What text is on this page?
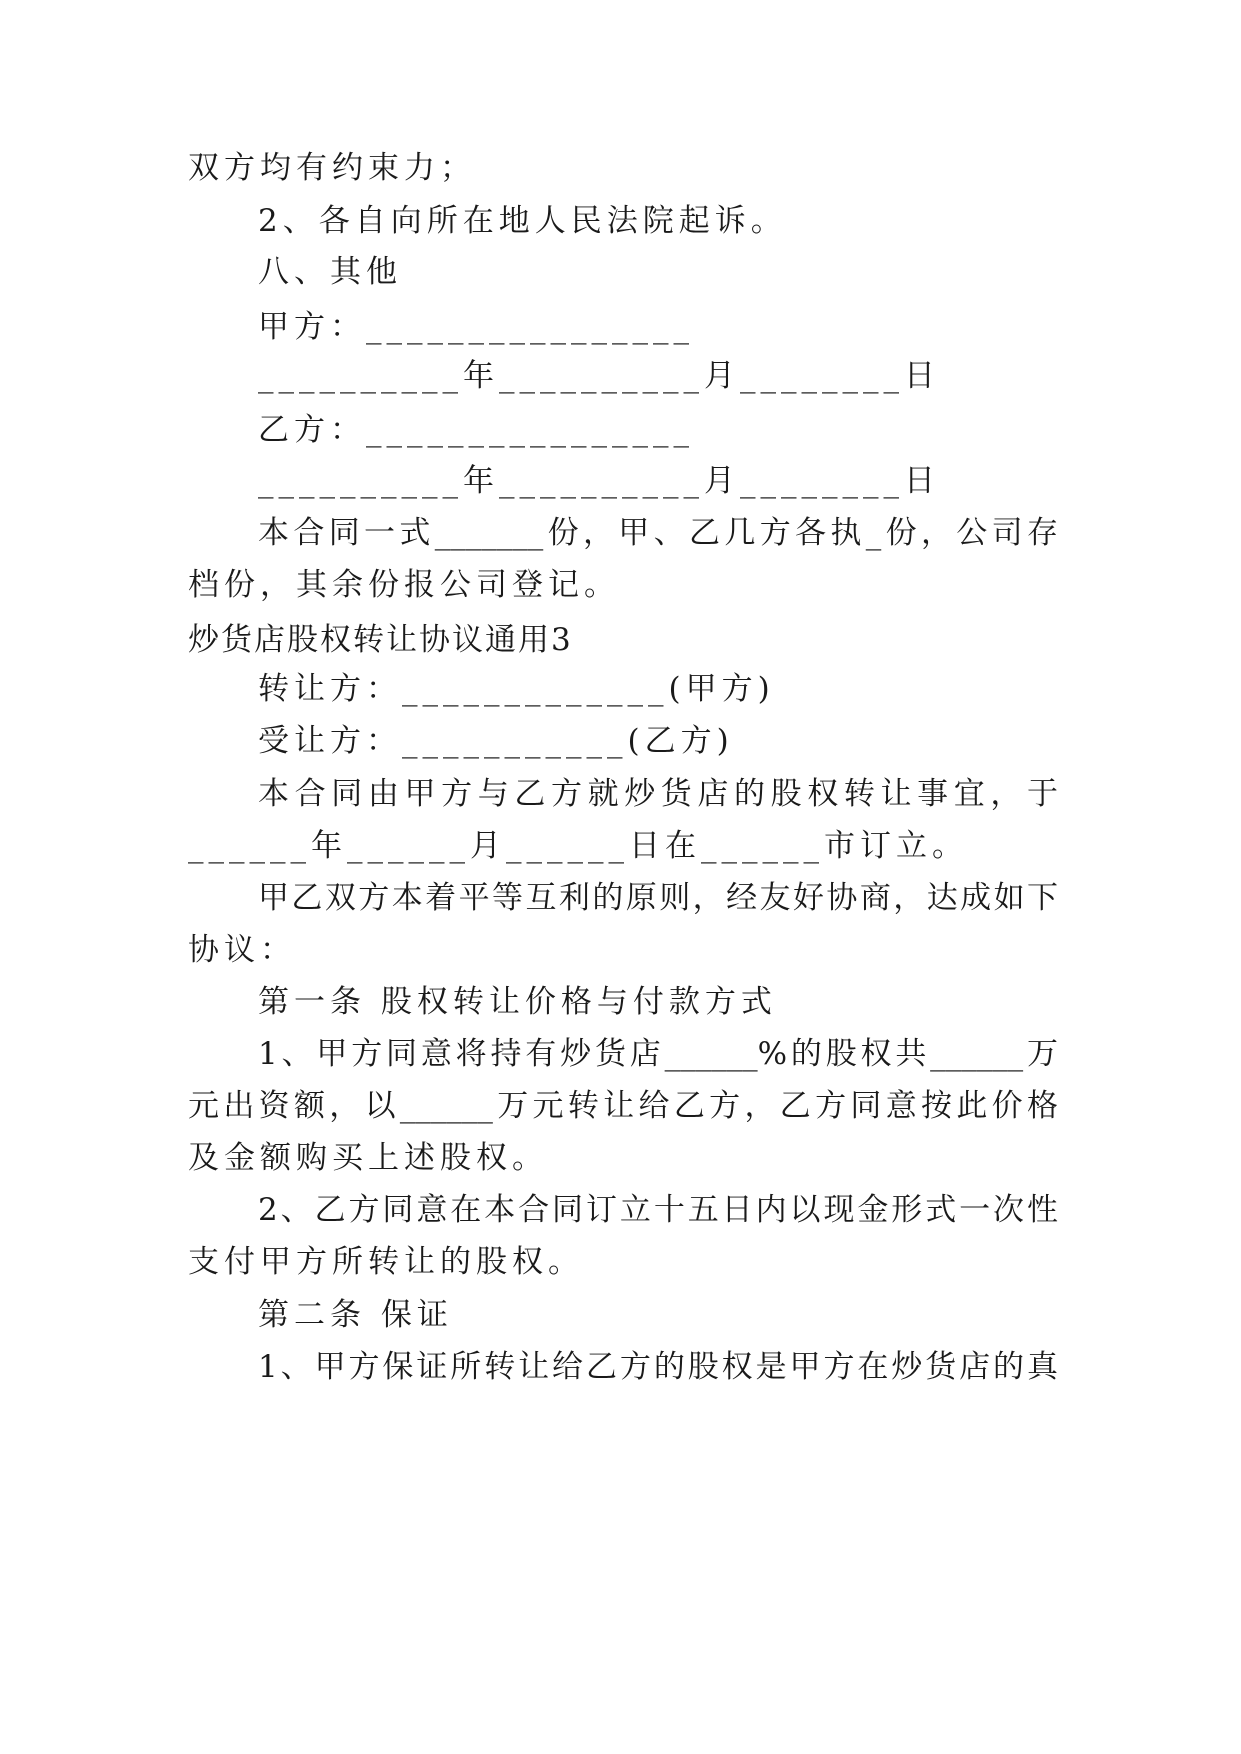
双方均有约束力；
2、各自向所在地人民法院起诉。
八、其他
甲方：________________
__________年__________月________日
乙方：________________
__________年__________月________日
本合同一式_______份，甲、乙几方各执_份，公司存
档份，其余份报公司登记。
炒货店股权转让协议通用3
转让方：_____________(甲方)
受让方：___________(乙方)
本合同由甲方与乙方就炒货店的股权转让事宜，于
______年______月______日在______市订立。
甲乙双方本着平等互利的原则，经友好协商，达成如下
协议：
第一条 股权转让价格与付款方式
1、甲方同意将持有炒货店______%的股权共______万
元出资额，以______万元转让给乙方，乙方同意按此价格
及金额购买上述股权。
2、乙方同意在本合同订立十五日内以现金形式一次性
支付甲方所转让的股权。
第二条 保证
1、甲方保证所转让给乙方的股权是甲方在炒货店的真
